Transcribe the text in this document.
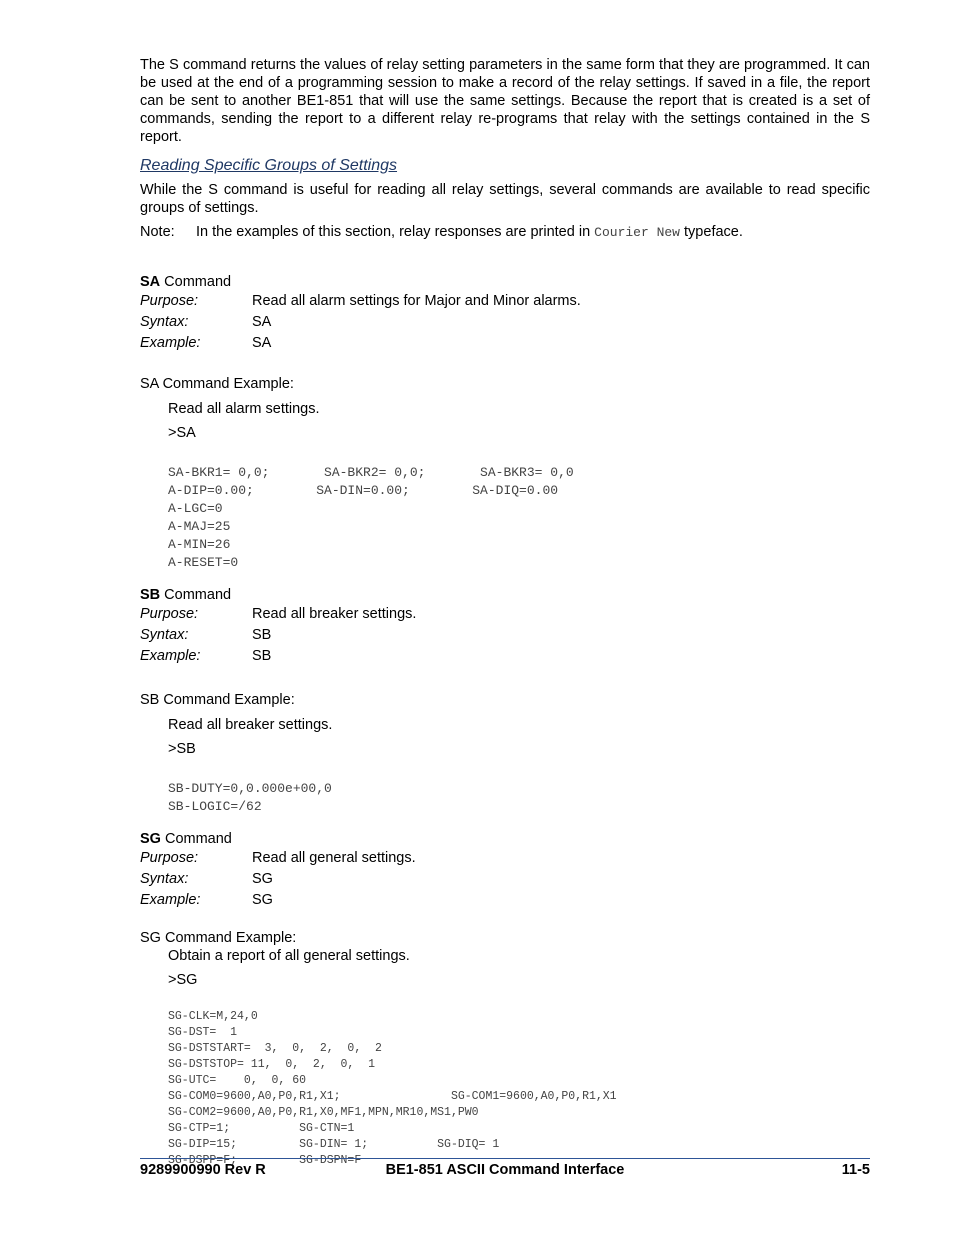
The S command returns the values of relay setting parameters in the same form that they are programmed. It can be used at the end of a programming session to make a record of the relay settings. If saved in a file, the report can be sent to another BE1-851 that will use the same settings. Because the report that is created is a set of commands, sending the report to a different relay re-programs that relay with the settings contained in the S report.

Reading Specific Groups of Settings

While the S command is useful for reading all relay settings, several commands are available to read specific groups of settings.

Note:	In the examples of this section, relay responses are printed in Courier New typeface.
SA Command
Purpose:	Read all alarm settings for Major and Minor alarms.
Syntax:	SA
Example:	SA
SA Command Example:
Read all alarm settings.
>SA

SA-BKR1= 0,0;       SA-BKR2= 0,0;       SA-BKR3= 0,0
A-DIP=0.00;        SA-DIN=0.00;        SA-DIQ=0.00
A-LGC=0
A-MAJ=25
A-MIN=26
A-RESET=0
SB Command
Purpose:	Read all breaker settings.
Syntax:	SB
Example:	SB
SB Command Example:
Read all breaker settings.
>SB

SB-DUTY=0,0.000e+00,0
SB-LOGIC=/62
SG Command
Purpose:	Read all general settings.
Syntax:	SG
Example:	SG
SG Command Example:
Obtain a report of all general settings.
>SG

SG-CLK=M,24,0
SG-DST=  1
SG-DSTSTART=  3,  0,  2,  0,  2
SG-DSTSTOP= 11,  0,  2,  0,  1
SG-UTC=    0,  0, 60
SG-COM0=9600,A0,P0,R1,X1;                SG-COM1=9600,A0,P0,R1,X1
SG-COM2=9600,A0,P0,R1,X0,MF1,MPN,MR10,MS1,PW0
SG-CTP=1;          SG-CTN=1
SG-DIP=15;         SG-DIN= 1;          SG-DIQ= 1
SG-DSPP=F;         SG-DSPN=F
9289900990 Rev R	BE1-851 ASCII Command Interface	11-5
